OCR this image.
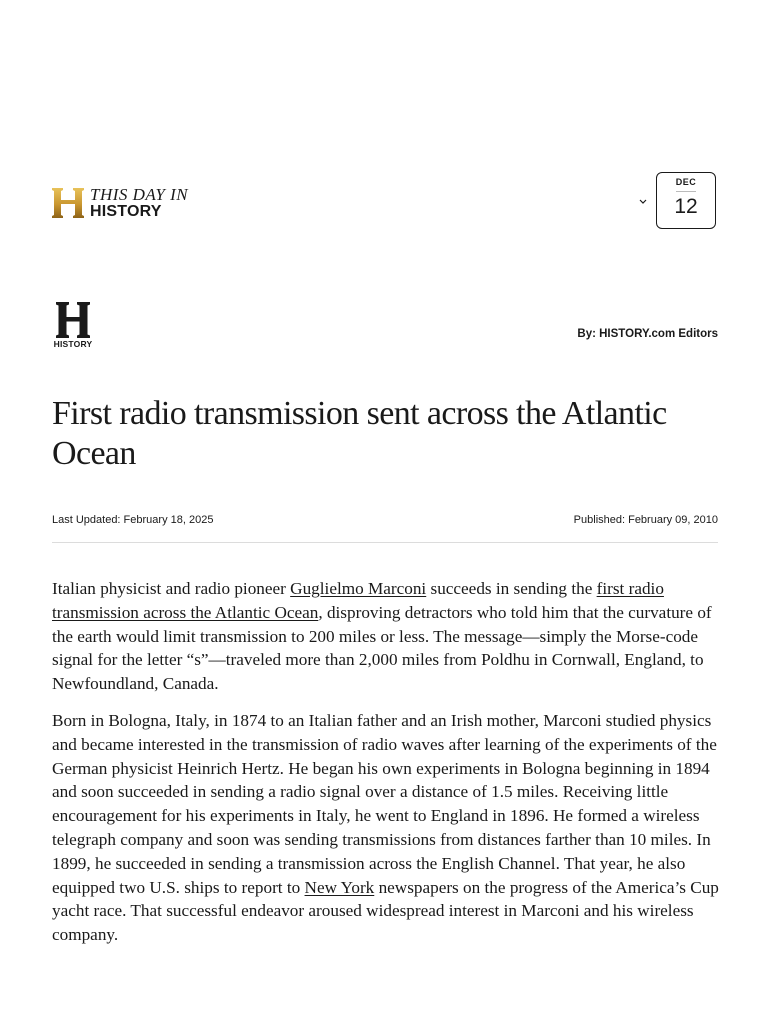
THIS DAY IN
HISTORY
DEC
12
HISTORY
By: HISTORY.com Editors
First radio transmission sent across the Atlantic Ocean
Last Updated: February 18, 2025	Published: February 09, 2010

Italian physicist and radio pioneer Guglielmo Marconi succeeds in sending the first radio transmission across the Atlantic Ocean, disproving detractors who told him that the curvature of the earth would limit transmission to 200 miles or less. The message—simply the Morse-code signal for the letter “s”—traveled more than 2,000 miles from Poldhu in Cornwall, England, to Newfoundland, Canada.

Born in Bologna, Italy, in 1874 to an Italian father and an Irish mother, Marconi studied physics and became interested in the transmission of radio waves after learning of the experiments of the German physicist Heinrich Hertz. He began his own experiments in Bologna beginning in 1894 and soon succeeded in sending a radio signal over a distance of 1.5 miles. Receiving little encouragement for his experiments in Italy, he went to England in 1896. He formed a wireless telegraph company and soon was sending transmissions from distances farther than 10 miles. In 1899, he succeeded in sending a transmission across the English Channel. That year, he also equipped two U.S. ships to report to New York newspapers on the progress of the America’s Cup yacht race. That successful endeavor aroused widespread interest in Marconi and his wireless company.
